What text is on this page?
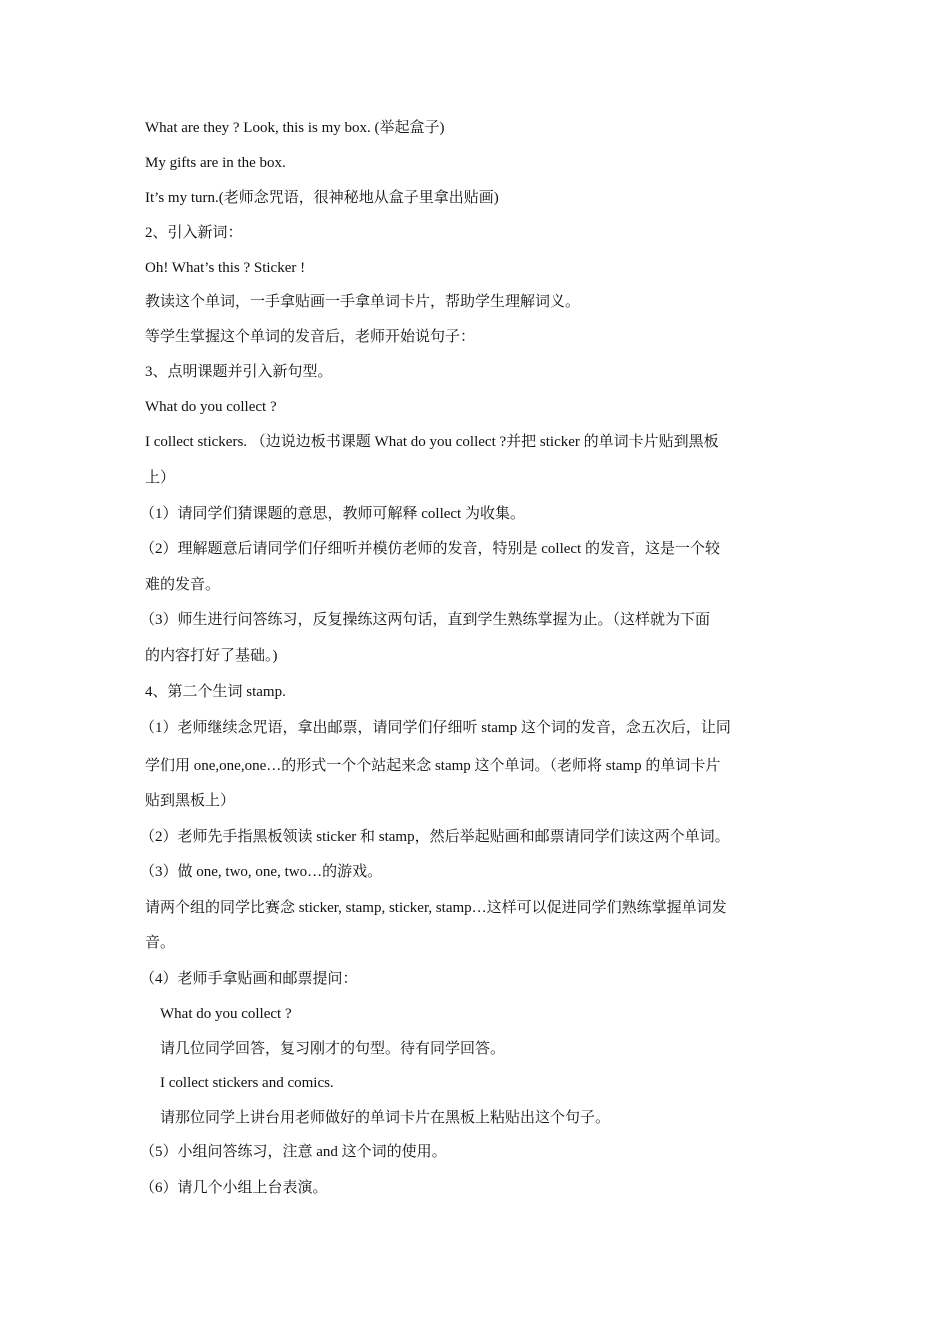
What are they ? Look, this is my box. (举起盒子)
My gifts are in the box.
It’s my turn.(老师念咒语，很神秘地从盒子里拿出贴画)
2、引入新词：
Oh! What’s this ? Sticker !
教读这个单词，一手拿贴画一手拿单词卡片，帮助学生理解词义。
等学生掌握这个单词的发音后，老师开始说句子：
3、点明课题并引入新句型。
What do you collect ?
I collect stickers. （边说边板书课题 What do you collect ?并把 sticker 的单词卡片贴到黑板
上）
（1）请同学们猜课题的意思，教师可解释 collect 为收集。
（2）理解题意后请同学们仔细听并模仿老师的发音，特别是 collect 的发音，这是一个较
难的发音。
（3）师生进行问答练习，反复操练这两句话，直到学生熟练掌握为止。（这样就为下面
的内容打好了基础。)
4、第二个生词 stamp.
（1）老师继续念咒语，拿出邮票，请同学们仔细听 stamp 这个词的发音，念五次后，让同
学们用 one,one,one…的形式一个个站起来念 stamp 这个单词。（老师将 stamp 的单词卡片
贴到黑板上）
（2）老师先手指黑板领读 sticker 和 stamp，然后举起贴画和邮票请同学们读这两个单词。
（3）做 one, two, one, two…的游戏。
请两个组的同学比赛念 sticker, stamp, sticker, stamp…这样可以促进同学们熟练掌握单词发
音。
（4）老师手拿贴画和邮票提问：
What do you collect ?
请几位同学回答，复习刚才的句型。待有同学回答。
I collect stickers and comics.
请那位同学上讲台用老师做好的单词卡片在黑板上粘贴出这个句子。
（5）小组问答练习，注意 and 这个词的使用。
（6）请几个小组上台表演。
